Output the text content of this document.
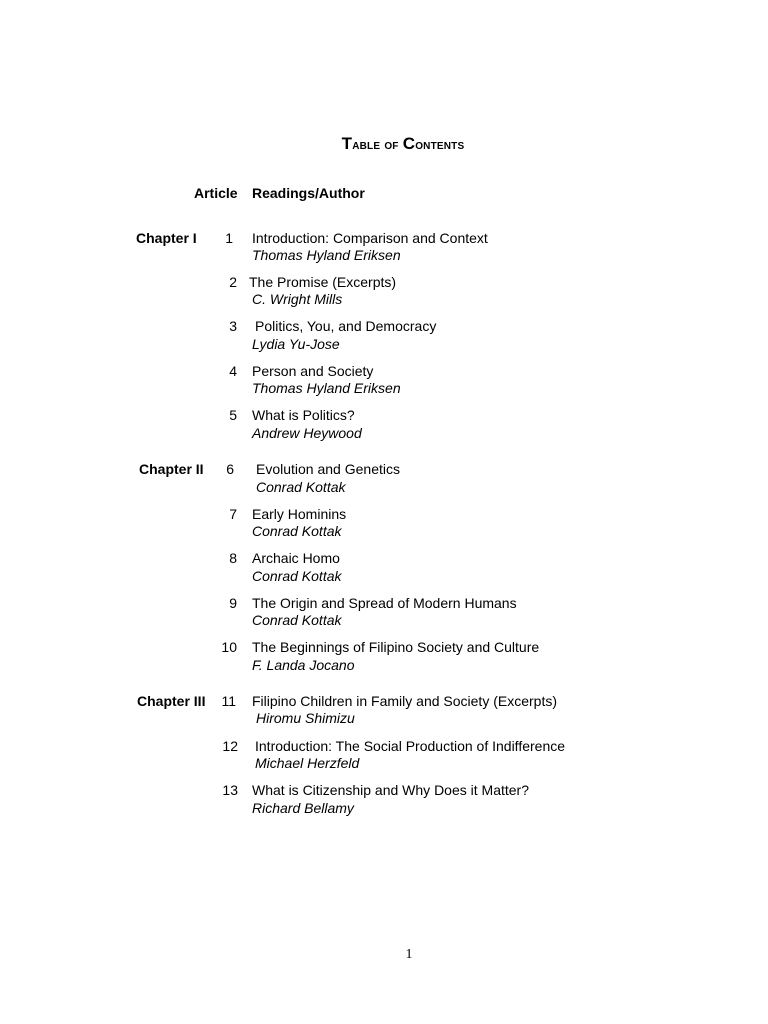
Table of Contents
Article Readings/Author
Chapter I
Chapter II
Chapter III
1 Introduction: Comparison and Context
Thomas Hyland Eriksen
2 The Promise (Excerpts)
C. Wright Mills
3 Politics, You, and Democracy
Lydia Yu-Jose
4 Person and Society
Thomas Hyland Eriksen
5 What is Politics?
Andrew Heywood
6 Evolution and Genetics
Conrad Kottak
7 Early Hominins
Conrad Kottak
8 Archaic Homo
Conrad Kottak
9 The Origin and Spread of Modern Humans
Conrad Kottak
10 The Beginnings of Filipino Society and Culture
F. Landa Jocano
11 Filipino Children in Family and Society (Excerpts)
Hiromu Shimizu
12 Introduction: The Social Production of Indifference
Michael Herzfeld
13 What is Citizenship and Why Does it Matter?
Richard Bellamy
1
